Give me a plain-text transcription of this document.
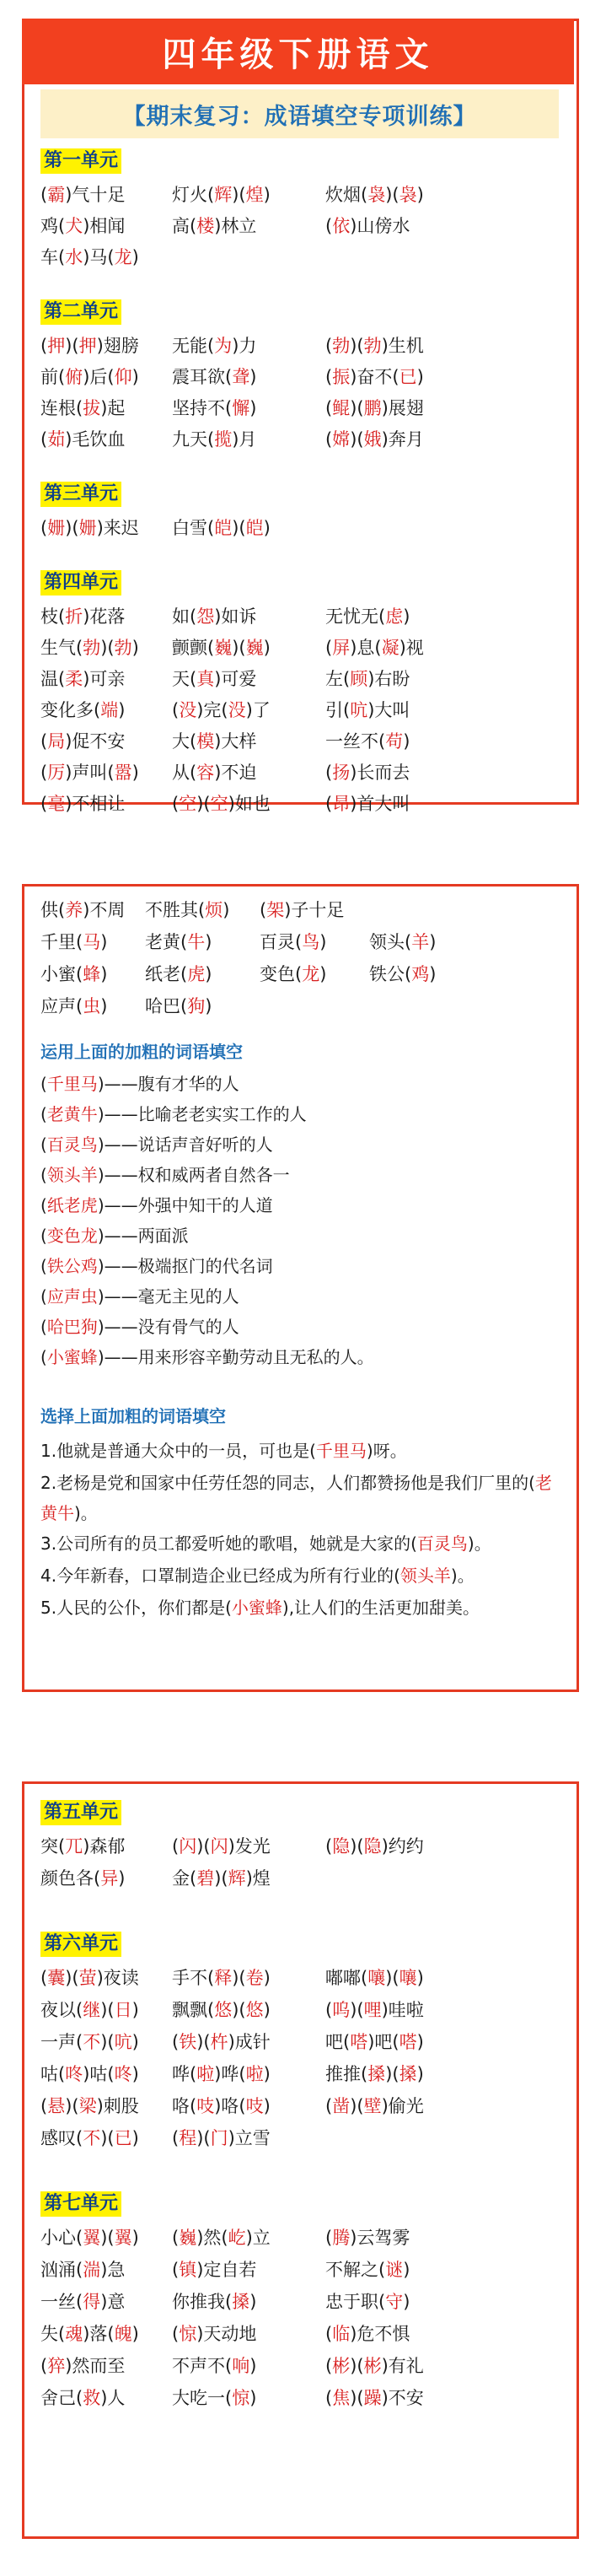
四年级下册语文
【期末复习：成语填空专项训练】
第一单元
(霸)气十足	灯火(辉)(煌)	炊烟(袅)(袅)
鸡(犬)相闻	高(楼)林立	(依)山傍水
车(水)马(龙)
第二单元
(押)(押)翅膀 无能(为)力	(勃)(勃)生机
前(俯)后(仰) 震耳欲(聋)	(振)奋不(已)
连根(拔)起	坚持不(懈)	(鲲)(鹏)展翅
(茹)毛饮血	九天(揽)月	(嫦)(娥)奔月
第三单元
(姗)(姗)来迟 白雪(皑)(皑)
第四单元
枝(折)花落	如(怨)如诉	无忧无(虑)
生气(勃)(勃) 颤颤(巍)(巍)	(屏)息(凝)视
温(柔)可亲	天(真)可爱	左(顾)右盼
变化多(端)	(没)完(没)了	引(吭)大叫
(局)促不安	大(模)大样	一丝不(苟)
(厉)声叫(嚣) 从(容)不迫	(扬)长而去
(毫)不相让	(空)(空)如也	(昂)首大叫
供(养)不周 不胜其(烦) (架)子十足
千里(马) 老黄(牛)	百灵(鸟) 领头(羊)
小蜜(蜂) 纸老(虎)	变色(龙) 铁公(鸡)
应声(虫) 哈巴(狗)
运用上面的加粗的词语填空
(千里马)——腹有才华的人
(老黄牛)——比喻老老实实工作的人
(百灵鸟)——说话声音好听的人
(领头羊)——权和威两者自然各一
(纸老虎)——外强中知干的人道
(变色龙)——两面派
(铁公鸡)——极端抠门的代名词
(应声虫)——毫无主见的人
(哈巴狗)——没有骨气的人
(小蜜蜂)——用来形容辛勤劳动且无私的人。
选择上面加粗的词语填空
1.他就是普通大众中的一员，可也是(千里马)呀。
2.老杨是党和国家中任劳任怨的同志，人们都赞扬他是我们厂里的(老黄牛)。
3.公司所有的员工都爱听她的歌唱，她就是大家的(百灵鸟)。
4.今年新春，口罩制造企业已经成为所有行业的(领头羊)。
5.人民的公仆，你们都是(小蜜蜂),让人们的生活更加甜美。
第五单元
突(兀)森郁	(闪)(闪)发光	(隐)(隐)约约
颜色各(异)	金(碧)(辉)煌
第六单元
(囊)(萤)夜读 手不(释)(卷)	嘟嘟(嚷)(嚷)
夜以(继)(日) 飘飘(悠)(悠)	(呜)(哩)哇啦
一声(不)(吭) (铁)(杵)成针	吧(嗒)吧(嗒)
咕(咚)咕(咚) 哗(啦)哗(啦)	推推(搡)(搡)
(悬)(梁)刺股 咯(吱)咯(吱)	(凿)(壁)偷光
感叹(不)(已) (程)(门)立雪
第七单元
小心(翼)(翼) (巍)然(屹)立	(腾)云驾雾
汹涌(湍)急	(镇)定自若	不解之(谜)
一丝(得)意	你推我(搡)	忠于职(守)
失(魂)落(魄) (惊)天动地	(临)危不惧
(猝)然而至	不声不(响)	(彬)(彬)有礼
舍己(救)人	大吃一(惊)	(焦)(躁)不安
